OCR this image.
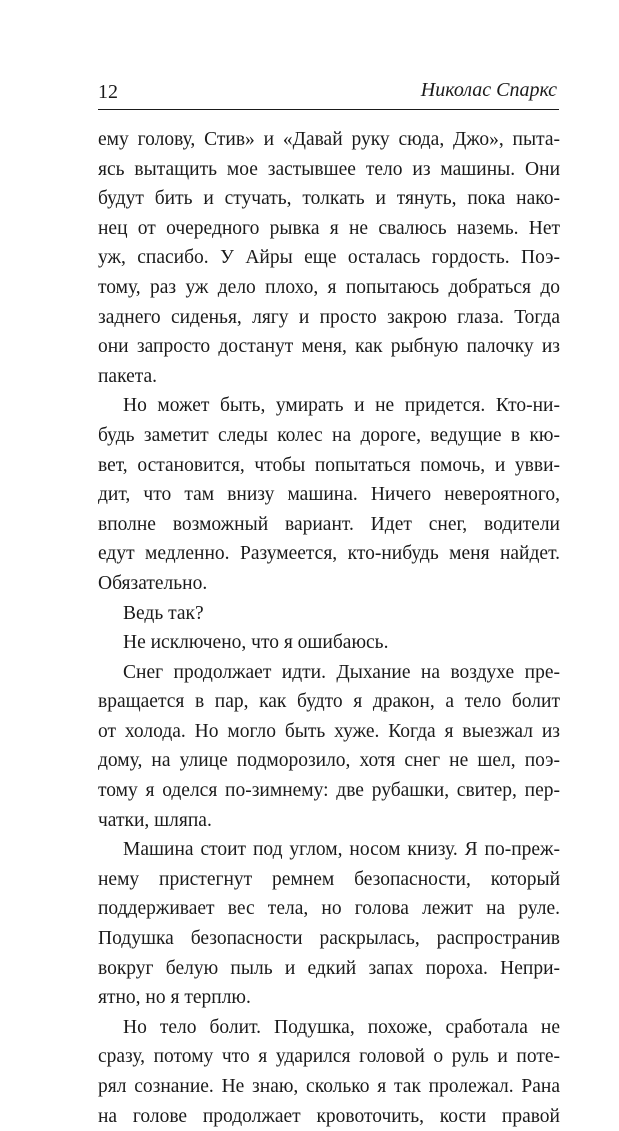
12	Николас Спаркс
ему голову, Стив» и «Давай руку сюда, Джо», пыта-
ясь вытащить мое застывшее тело из машины. Они
будут бить и стучать, толкать и тянуть, пока нако-
нец от очередного рывка я не свалюсь наземь. Нет
уж, спасибо. У Айры еще осталась гордость. Поэ-
тому, раз уж дело плохо, я попытаюсь добраться до
заднего сиденья, лягу и просто закрою глаза. Тогда
они запросто достанут меня, как рыбную палочку из
пакета.
Но может быть, умирать и не придется. Кто-ни-
будь заметит следы колес на дороге, ведущие в кю-
вет, остановится, чтобы попытаться помочь, и увви-
дит, что там внизу машина. Ничего невероятного,
вполне возможный вариант. Идет снег, водители
едут медленно. Разумеется, кто-нибудь меня найдет.
Обязательно.
Ведь так?
Не исключено, что я ошибаюсь.
Снег продолжает идти. Дыхание на воздухе пре-
вращается в пар, как будто я дракон, а тело болит
от холода. Но могло быть хуже. Когда я выезжал из
дому, на улице подморозило, хотя снег не шел, поэ-
тому я оделся по-зимнему: две рубашки, свитер, пер-
чатки, шляпа.
Машина стоит под углом, носом книзу. Я по-преж-
нему пристегнут ремнем безопасности, который
поддерживает вес тела, но голова лежит на руле.
Подушка безопасности раскрылась, распространив
вокруг белую пыль и едкий запах пороха. Непри-
ятно, но я терплю.
Но тело болит. Подушка, похоже, сработала не
сразу, потому что я ударился головой о руль и поте-
рял сознание. Не знаю, сколько я так пролежал. Рана
на голове продолжает кровоточить, кости правой
